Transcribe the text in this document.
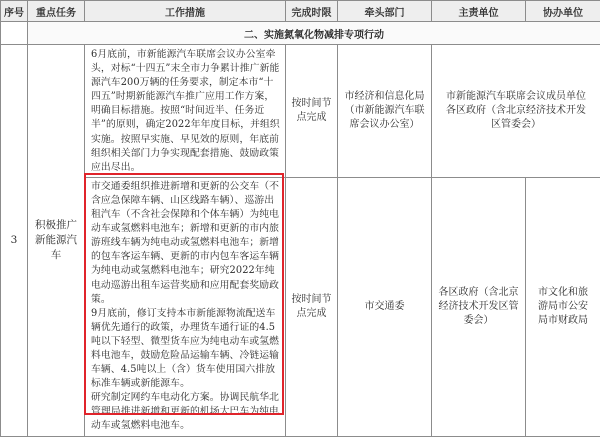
序号	重点任务	工作措施	完成时限	牵头部门	主责单位	协办单位
	二、实施氮氧化物减排专项行动					
3	积极推广新能源汽车	6月底前，市新能源汽车联席会议办公室牵头，对标“十四五”末全市力争累计推广新能源汽车200万辆的任务要求，制定本市“十四五”时期新能源汽车推广应用工作方案，明确目标措施。按照“时间近半、任务近半”的原则，确定2022年年度目标，并组织实施。按照早实施、早见效的原则，年底前组织相关部门力争实现配套措施、鼓励政策应出尽出。	按时间节点完成	市经济和信息化局（市新能源汽车联席会议办公室）	市新能源汽车联席会议成员单位各区政府（含北京经济技术开发区管委会）	

		市交通委组织推进新增和更新的公交车（不含应急保障车辆、山区线路车辆）、巡游出租汽车（不含社会保障和个体车辆）为纯电动车或氢燃料电池车；新增和更新的市内旅游班线车辆为纯电动或氢燃料电池车；新增的包车客运车辆、更新的市内包车客运车辆为纯电动或氢燃料电池车；研究2022年纯电动巡游出租车运营奖励和应用配套奖励政策。

9月底前，修订支持本市新能源物流配送车辆优先通行的政策，办理货车通行证的4.5吨以下轻型、微型货车应为纯电动车或氢燃料电池车，鼓励危险品运输车辆、冷链运输车辆、4.5吨以上（含）货车使用国六排放标准车辆或新能源车。

研究制定网约车电动化方案。协调民航华北管理局推进新增和更新的机场大巴车为纯电动车或氢燃料电池车。	按时间节点完成	市交通委	各区政府（含北京经济技术开发区管委会）	市文化和旅游局市公安局市财政局
